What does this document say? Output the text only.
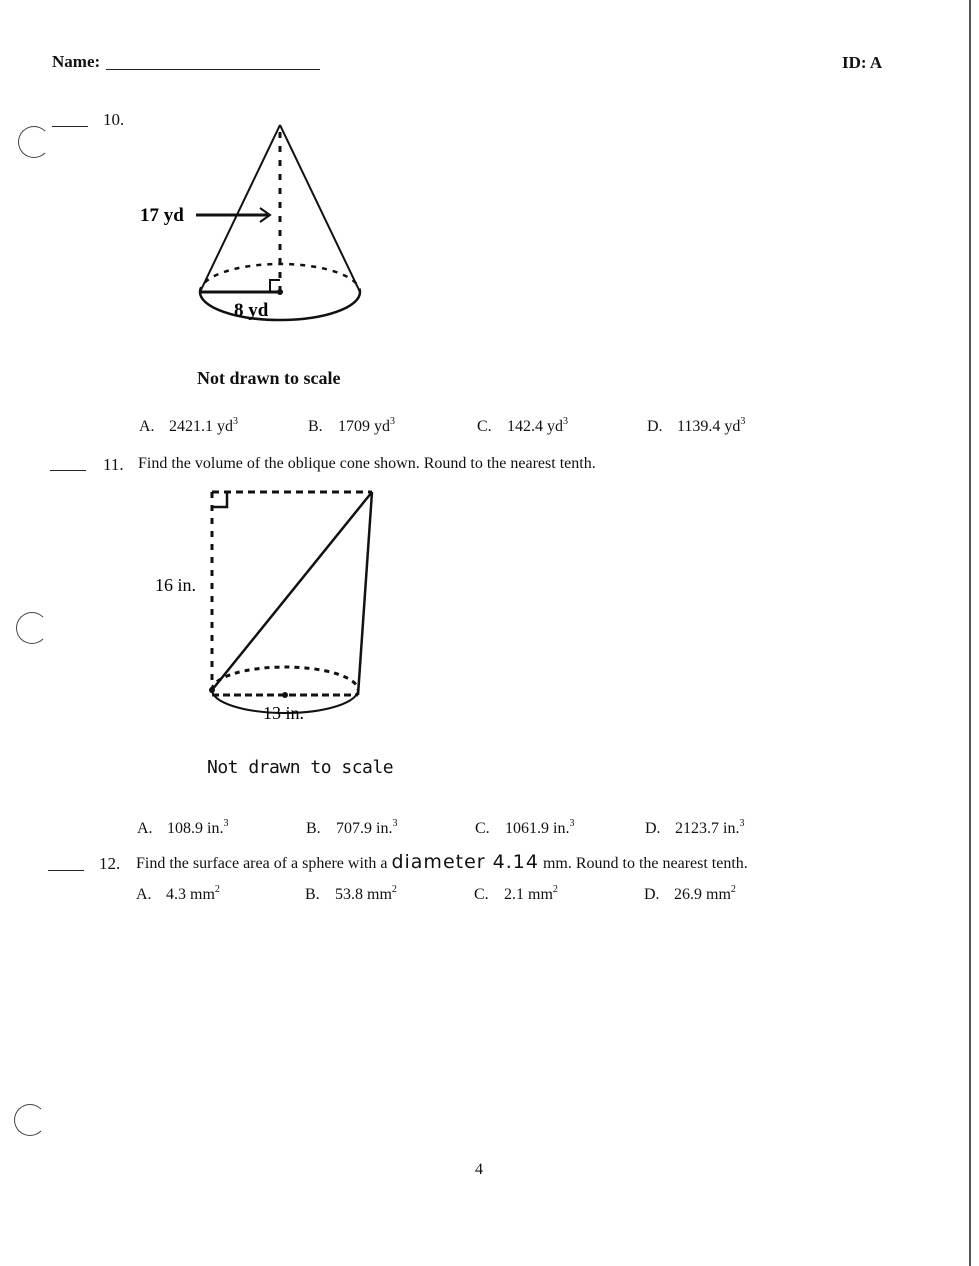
Name:	ID: A
10.
17 yd
8 yd
Not drawn to scale
A. 2421.1 $yd^3$	B. 1709 $yd^3$	C. 142.4 $yd^3$	D. 1139.4 $yd^3$
11. Find the volume of the oblique cone shown. Round to the nearest tenth.
16 in.
13 in.
Not drawn to scale
A. 108.9 in.$^3$	B. 707.9 in.$^3$	C. 1061.9 in.$^3$	D. 2123.7 in.$^3$
12. Find the surface area of a sphere with a diameter 4.14 mm. Round to the nearest tenth.
A. 4.3 $mm^2$	B. 53.8 $mm^2$	C. 2.1 $mm^2$	D. 26.9 $mm^2$
4
